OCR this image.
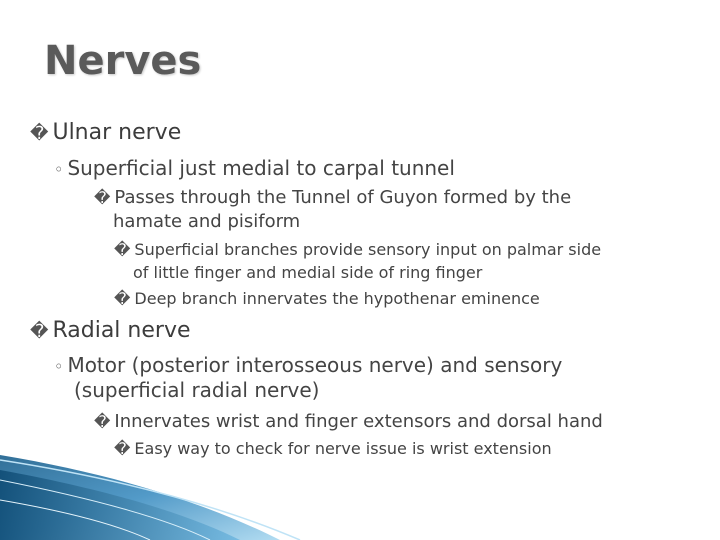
Nerves
� Ulnar nerve
◦ Superficial just medial to carpal tunnel
� Passes through the Tunnel of Guyon formed by the
hamate and pisiform
� Superficial branches provide sensory input on palmar side
of little finger and medial side of ring finger
� Deep branch innervates the hypothenar eminence
� Radial nerve
◦ Motor (posterior interosseous nerve) and sensory
(superficial radial nerve)
� Innervates wrist and finger extensors and dorsal hand
� Easy way to check for nerve issue is wrist extension
